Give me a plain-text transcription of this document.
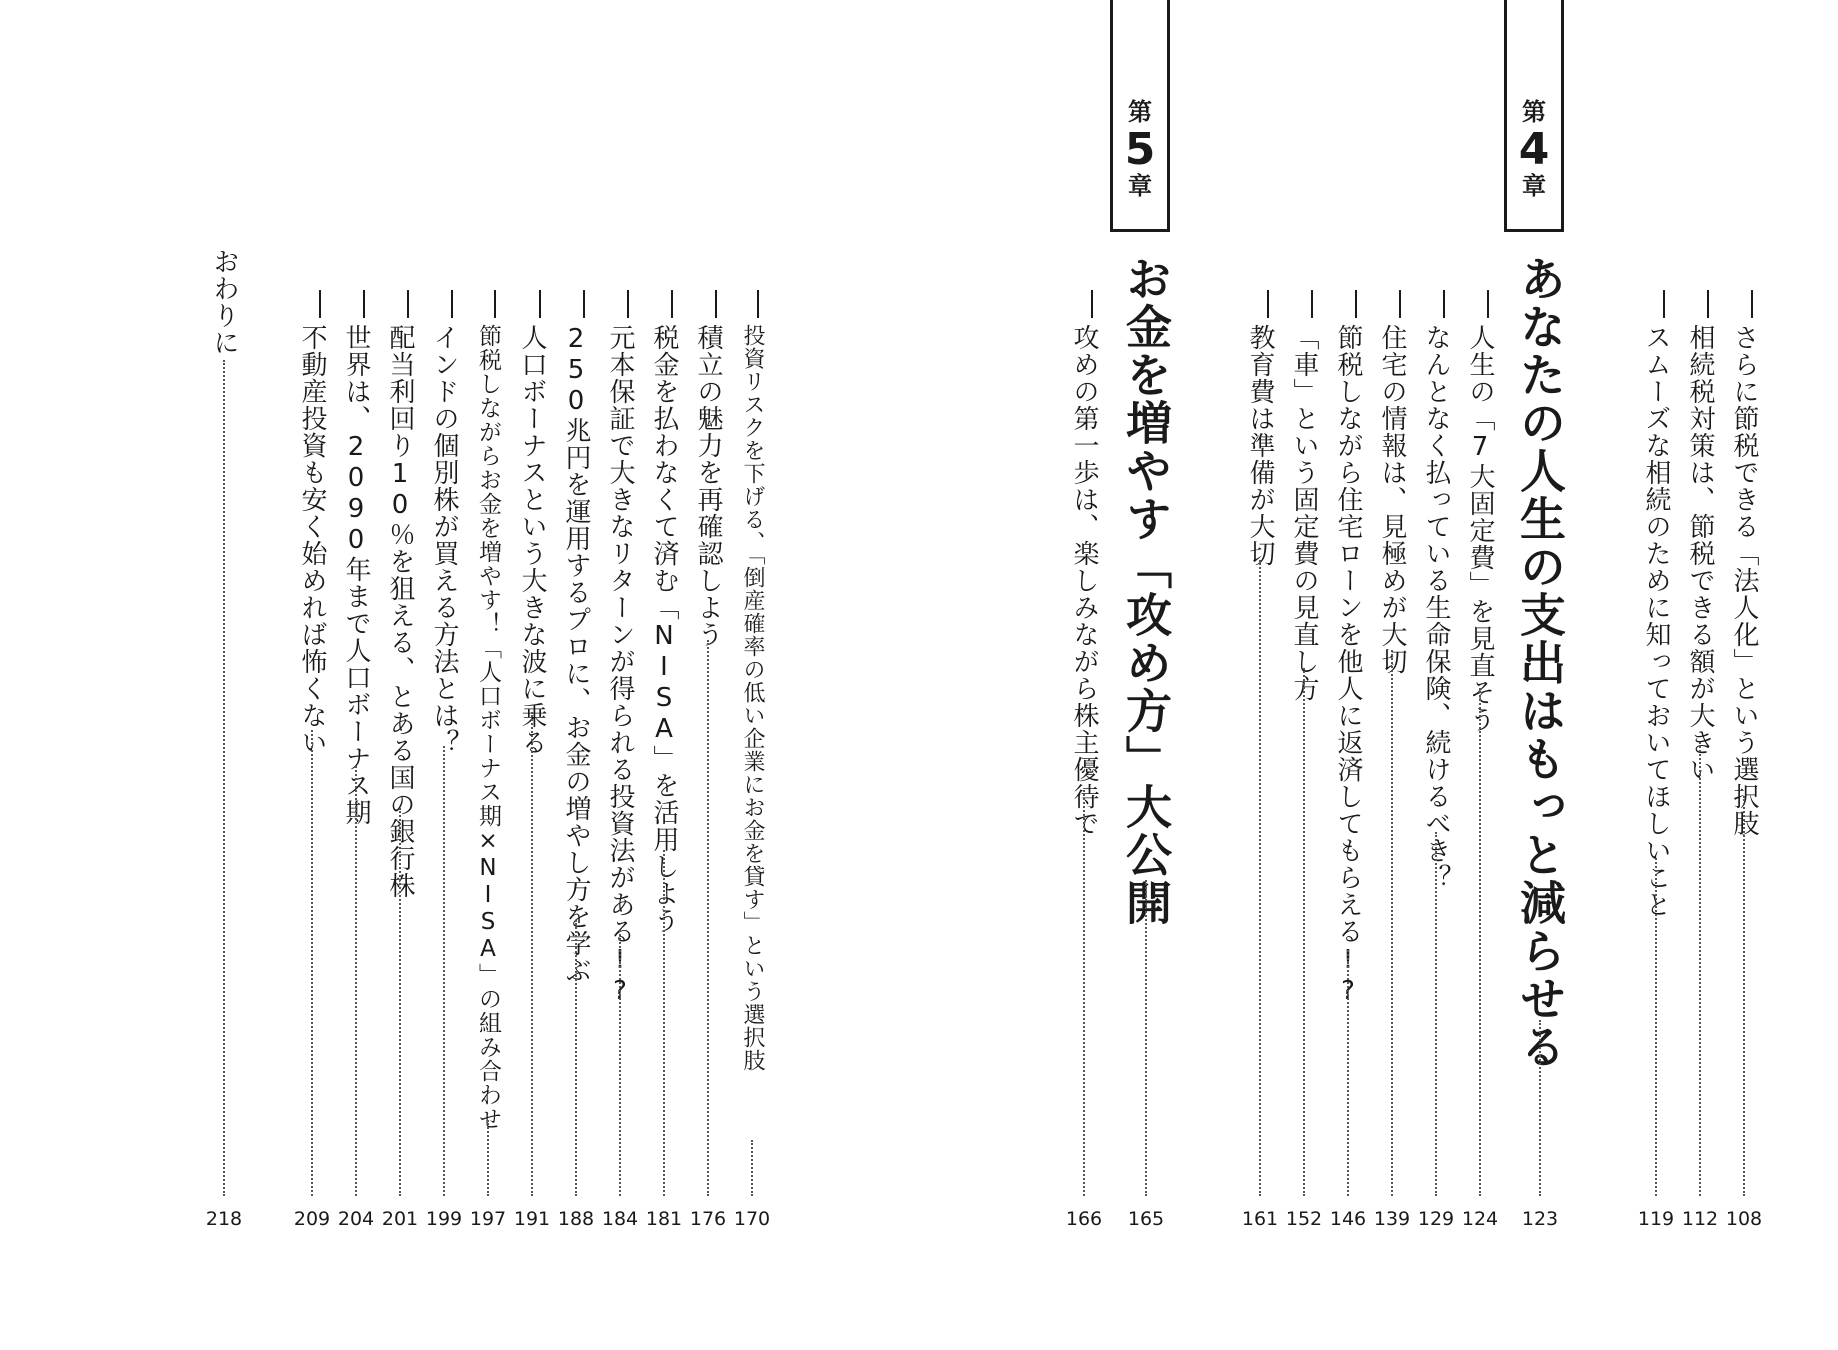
さらに節税できる「法人化」という選択肢
108
相続税対策は、節税できる額が大きい
112
スムーズな相続のために知っておいてほしいこと
119
第
4
章
あなたの人生の支出はもっと減らせる
123
人生の「7大固定費」を見直そう
124
なんとなく払っている生命保険、続けるべき？
129
住宅の情報は、見極めが大切
139
節税しながら住宅ローンを他人に返済してもらえる!?
146
「車」という固定費の見直し方
152
教育費は準備が大切
161
第
5
章
お金を増やす「攻め方」大公開
165
攻めの第一歩は、楽しみながら株主優待で
166
投資リスクを下げる、「倒産確率の低い企業にお金を貸す」という選択肢
170
積立の魅力を再確認しよう
176
税金を払わなくて済む「NISA」を活用しよう
181
元本保証で大きなリターンが得られる投資法がある!?
184
250兆円を運用するプロに、お金の増やし方を学ぶ
188
人口ボーナスという大きな波に乗る
191
節税しながらお金を増やす！「人口ボーナス期×NISA」の組み合わせ
197
インドの個別株が買える方法とは？
199
配当利回り10％を狙える、とある国の銀行株
201
世界は、2090年まで人口ボーナス期
204
不動産投資も安く始めれば怖くない
209
おわりに
218
